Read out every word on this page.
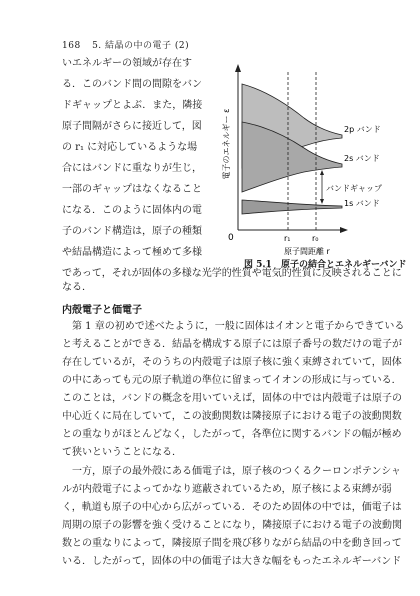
168 5. 結晶の中の電子 (2)
いエネルギーの領域が存在す
る．このバンド間の間隙をバン
ドギャップとよぶ．また，隣接
原子間隔がさらに接近して，図
の r₁ に対応しているような場
合にはバンドに重なりが生じ，
一部のギャップはなくなること
になる．このように固体内の電
子のバンド構造は，原子の種類
や結晶構造によって極めて多様
電子のエネルギー ε	2p バンド
2s バンド
1s バンド
バンドギャップ
0	r₁	r₀
原子間距離 r
図 5.1 原子の結合とエネルギーバンド
であって，それが固体の多様な光学的性質や電気的性質に反映されることに
なる．
内殻電子と価電子
　第 1 章の初めで述べたように，一般に固体はイオンと電子からできている
と考えることができる．結晶を構成する原子には原子番号の数だけの電子が
存在しているが，そのうちの内殻電子は原子核に強く束縛されていて，固体
の中にあっても元の原子軌道の準位に留まってイオンの形成に与っている．
このことは，バンドの概念を用いていえば，固体の中では内殻電子は原子の
中心近くに局在していて，この波動関数は隣接原子における電子の波動関数
との重なりがほとんどなく，したがって，各準位に関するバンドの幅が極め
て狭いということになる．
　一方，原子の最外殻にある価電子は，原子核のつくるクーロンポテンシャ
ルが内殻電子によってかなり遮蔽されているため，原子核による束縛が弱
く，軌道も原子の中心から広がっている．そのため固体の中では，価電子は
周期の原子の影響を強く受けることになり，隣接原子における電子の波動関
数との重なりによって，隣接原子間を飛び移りながら結晶の中を動き回って
いる．したがって，固体の中の価電子は大きな幅をもったエネルギーバンド
